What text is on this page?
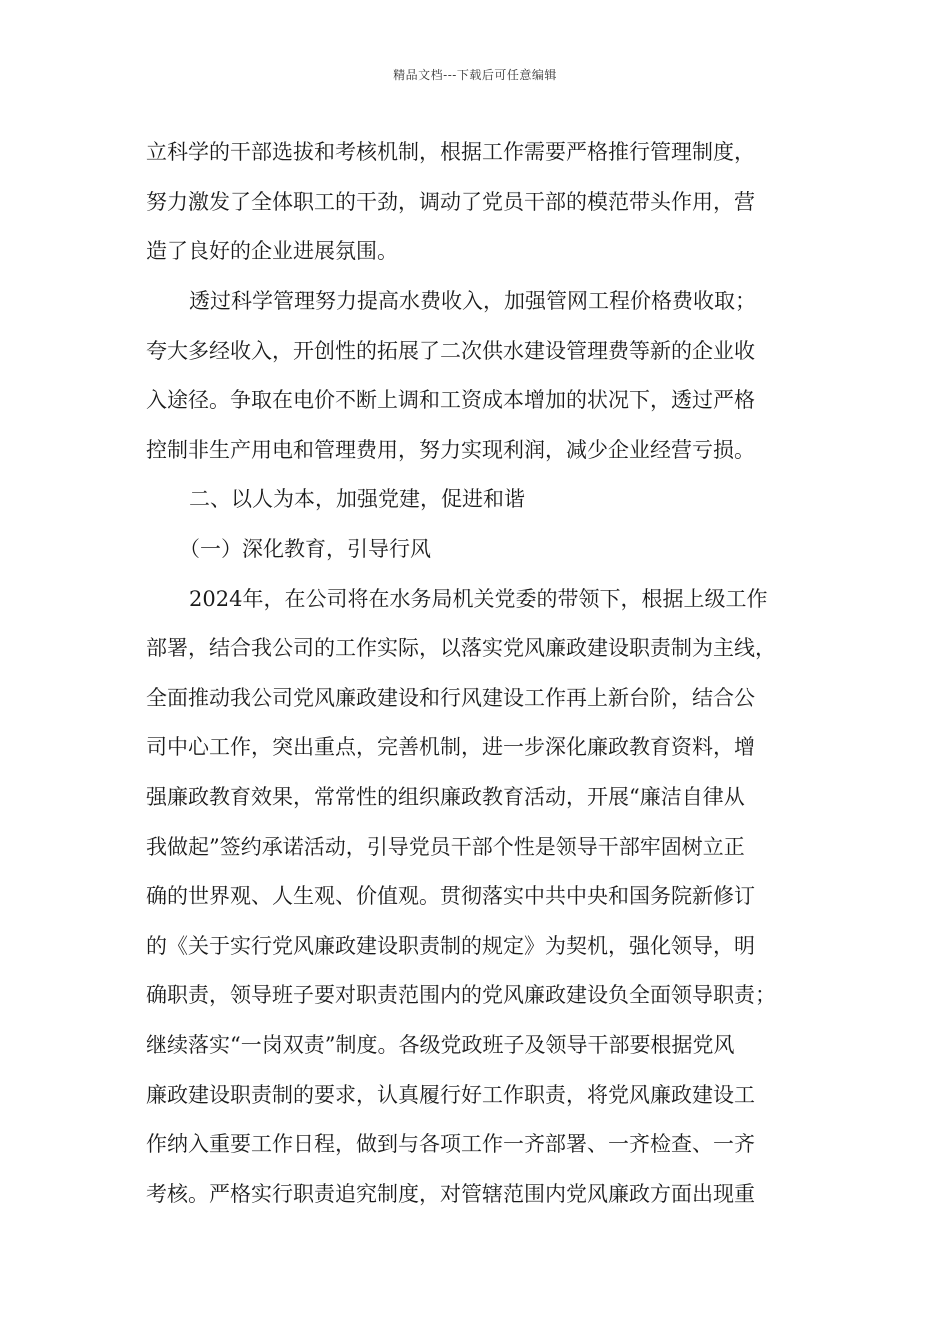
精品文档---下载后可任意编辑
立科学的干部选拔和考核机制，根据工作需要严格推行管理制度，
努力激发了全体职工的干劲，调动了党员干部的模范带头作用，营
造了良好的企业进展氛围。
透过科学管理努力提高水费收入，加强管网工程价格费收取；
夸大多经收入，开创性的拓展了二次供水建设管理费等新的企业收
入途径。争取在电价不断上调和工资成本增加的状况下，透过严格
控制非生产用电和管理费用，努力实现利润，减少企业经营亏损。
二、以人为本，加强党建，促进和谐
（一）深化教育，引导行风
2024年，在公司将在水务局机关党委的带领下，根据上级工作
部署，结合我公司的工作实际，以落实党风廉政建设职责制为主线，
全面推动我公司党风廉政建设和行风建设工作再上新台阶，结合公
司中心工作，突出重点，完善机制，进一步深化廉政教育资料，增
强廉政教育效果，常常性的组织廉政教育活动，开展“廉洁自律从
我做起”签约承诺活动，引导党员干部个性是领导干部牢固树立正
确的世界观、人生观、价值观。贯彻落实中共中央和国务院新修订
的《关于实行党风廉政建设职责制的规定》为契机，强化领导，明
确职责，领导班子要对职责范围内的党风廉政建设负全面领导职责；
继续落实“一岗双责”制度。各级党政班子及领导干部要根据党风
廉政建设职责制的要求，认真履行好工作职责，将党风廉政建设工
作纳入重要工作日程，做到与各项工作一齐部署、一齐检查、一齐
考核。严格实行职责追究制度，对管辖范围内党风廉政方面出现重
